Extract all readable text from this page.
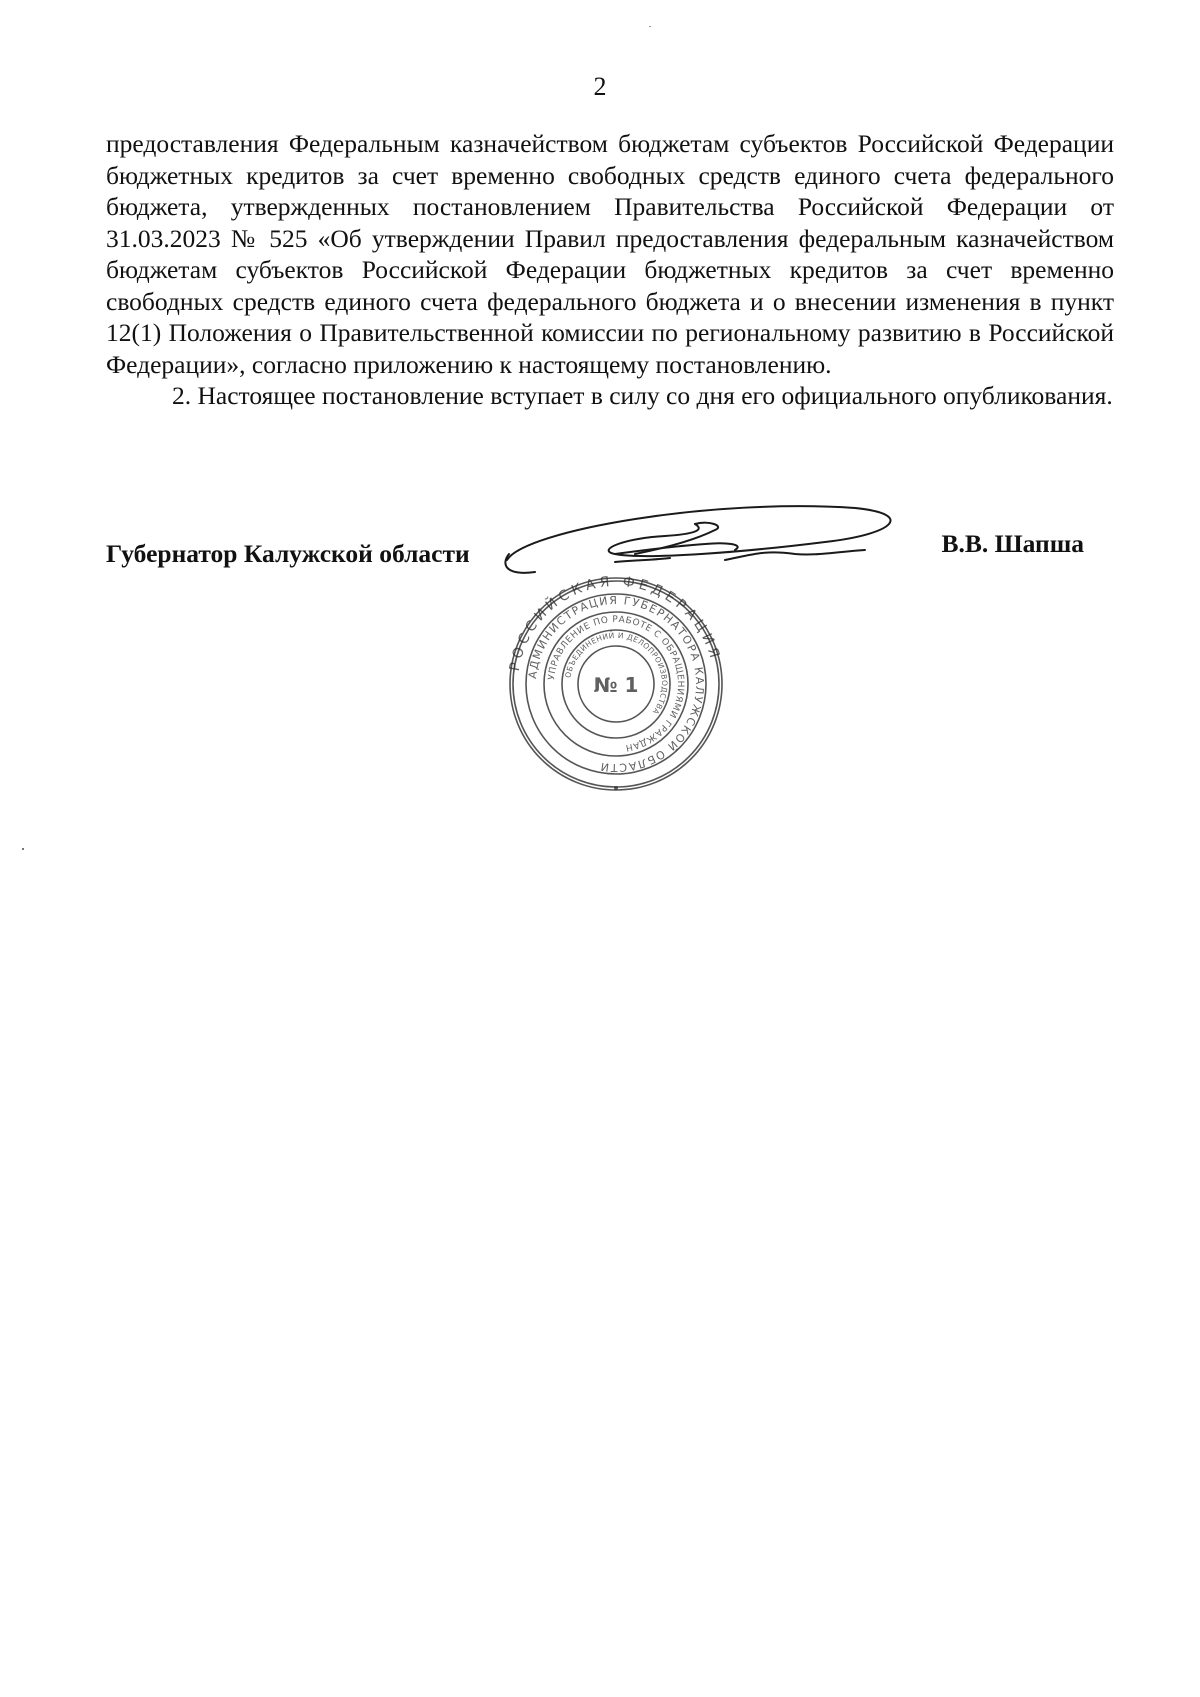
2

предоставления Федеральным казначейством бюджетам субъектов Российской Федерации бюджетных кредитов за счет временно свободных средств единого счета федерального бюджета, утвержденных постановлением Правительства Российской Федерации от 31.03.2023 № 525 «Об утверждении Правил предоставления федеральным казначейством бюджетам субъектов Российской Федерации бюджетных кредитов за счет временно свободных средств единого счета федерального бюджета и о внесении изменения в пункт 12(1) Положения о Правительственной комиссии по региональному развитию в Российской Федерации», согласно приложению к настоящему постановлению.

2. Настоящее постановление вступает в силу со дня его официального опубликования.

РОССИЙСКАЯ ФЕДЕРАЦИЯ
АДМИНИСТРАЦИЯ ГУБЕРНАТОРА КАЛУЖСКОЙ ОБЛАСТИ
УПРАВЛЕНИЕ ПО РАБОТЕ С ОБРАЩЕНИЯМИ ГРАЖДАН
ОБЪЕДИНЕНИЙ И ДЕЛОПРОИЗВОДСТВА
№ 1
Губернатор Калужской области	В.В. Шапша
